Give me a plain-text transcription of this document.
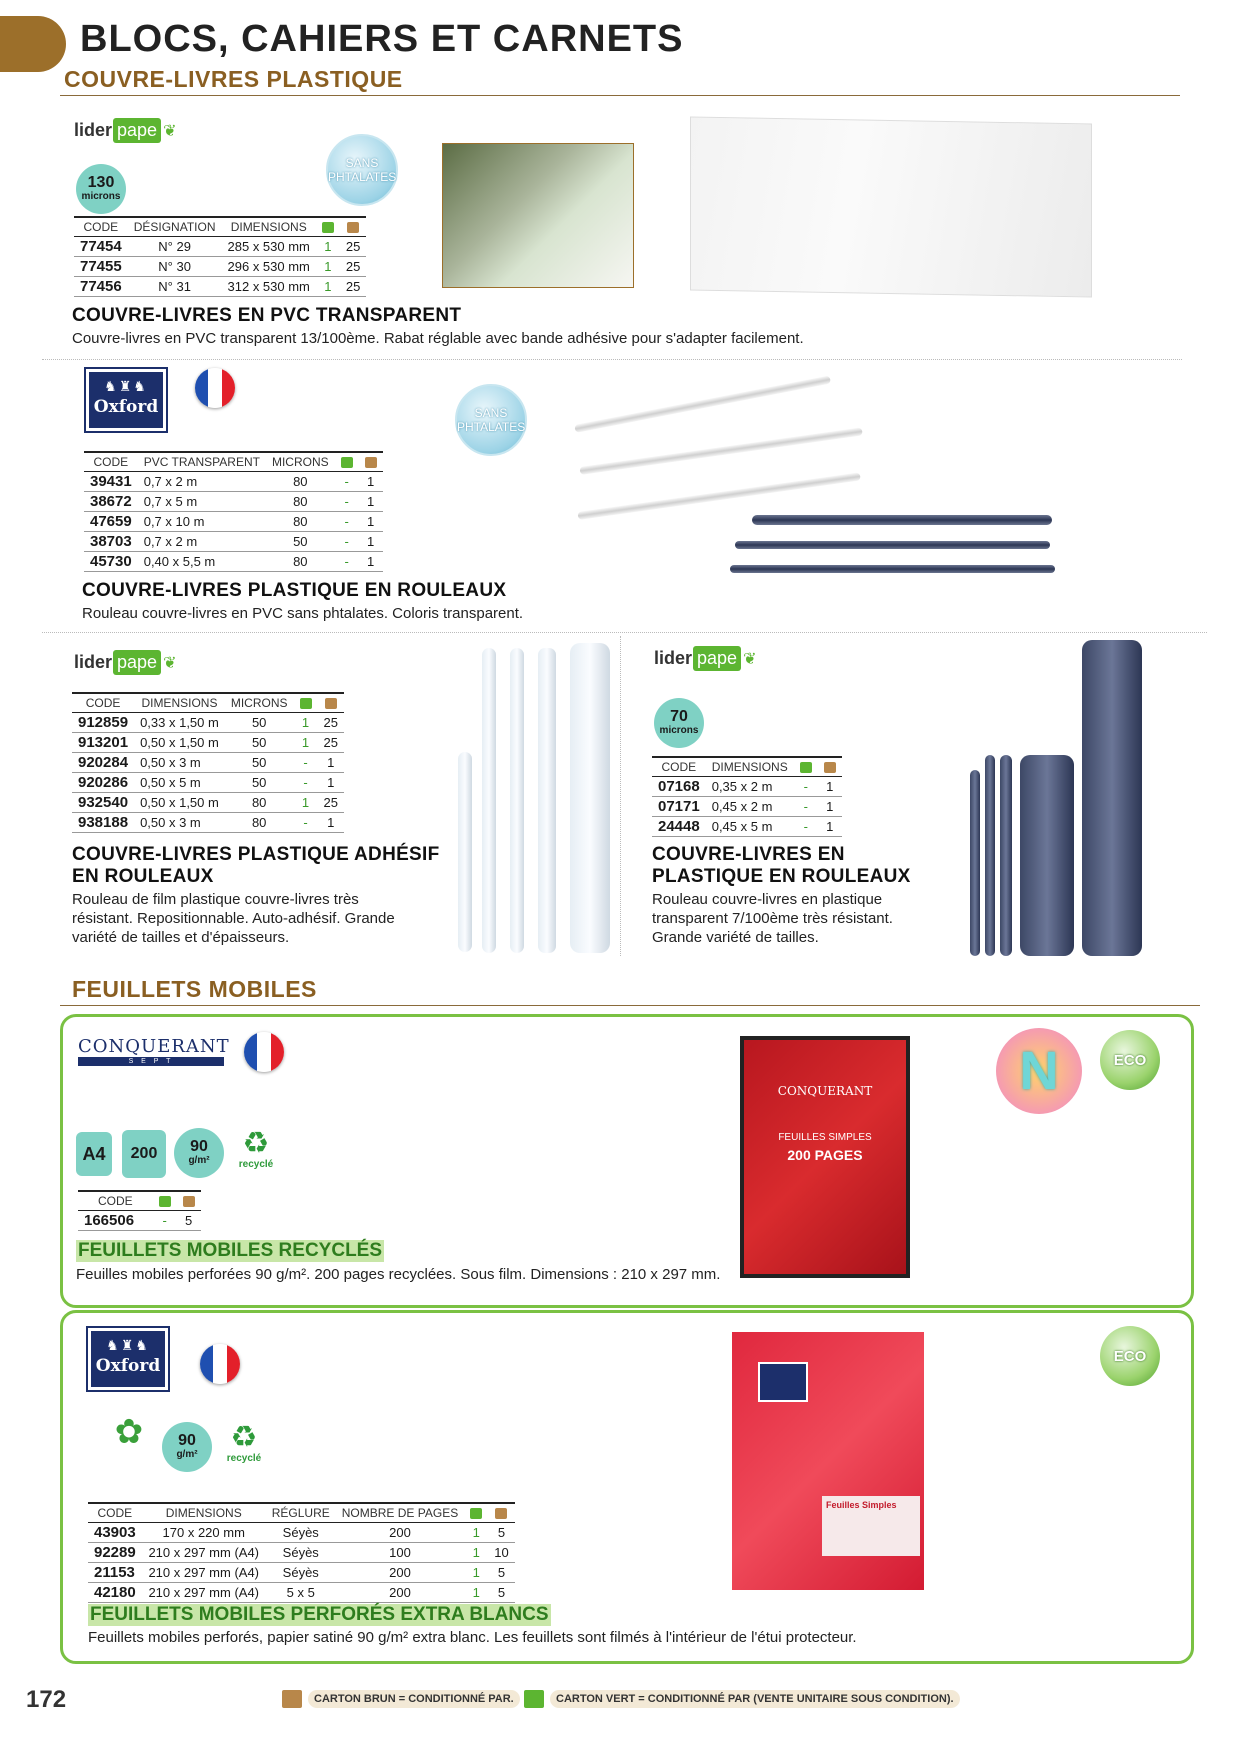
BLOCS, CAHIERS ET CARNETS
COUVRE-LIVRES PLASTIQUE
lider pape ❦
130
microns
SANS
PHTALATES
CODE	DÉSIGNATION	DIMENSIONS		
77454	N° 29	285 x 530 mm	1	25
77455	N° 30	296 x 530 mm	1	25
77456	N° 31	312 x 530 mm	1	25
COUVRE-LIVRES EN PVC TRANSPARENT
Couvre-livres en PVC transparent 13/100ème. Rabat réglable avec bande adhésive pour s'adapter facilement.
♞♜♞
Oxford	SANS
PHTALATES
CODE	PVC TRANSPARENT	MICRONS		
39431	0,7 x 2 m	80	-	1
38672	0,7 x 5 m	80	-	1
47659	0,7 x 10 m	80	-	1
38703	0,7 x 2 m	50	-	1
45730	0,40 x 5,5 m	80	-	1
COUVRE-LIVRES PLASTIQUE EN ROULEAUX
Rouleau couvre-livres en PVC sans phtalates. Coloris transparent.
lider pape ❦
CODE	DIMENSIONS	MICRONS		
912859	0,33 x 1,50 m	50	1	25
913201	0,50 x 1,50 m	50	1	25
920284	0,50 x 3 m	50	-	1
920286	0,50 x 5 m	50	-	1
932540	0,50 x 1,50 m	80	1	25
938188	0,50 x 3 m	80	-	1
COUVRE-LIVRES PLASTIQUE ADHÉSIF
EN ROULEAUX
Rouleau de film plastique couvre-livres très
résistant. Repositionnable. Auto-adhésif. Grande
variété de tailles et d'épaisseurs.
lider pape ❦
70
microns
CODE	DIMENSIONS		
07168	0,35 x 2 m	-	1
07171	0,45 x 2 m	-	1
24448	0,45 x 5 m	-	1
COUVRE-LIVRES EN
PLASTIQUE EN ROULEAUX
Rouleau couvre-livres en plastique
transparent 7/100ème très résistant.
Grande variété de tailles.
FEUILLETS MOBILES
CONQUERANT
S E P T
A4	200	90
g/m²
♻
recyclé
CODE		
166506	-	5
FEUILLETS MOBILES RECYCLÉS
Feuilles mobiles perforées 90 g/m². 200 pages recyclées. Sous film. Dimensions : 210 x 297 mm.
CONQUERANT
FEUILLES SIMPLES
200 PAGES
N	ECO
♞♜♞
Oxford
✿	90
g/m²
♻
recyclé
CODE	DIMENSIONS	RÉGLURE	NOMBRE DE PAGES		
43903	170 x 220 mm	Séyès	200	1	5
92289	210 x 297 mm (A4)	Séyès	100	1	10
21153	210 x 297 mm (A4)	Séyès	200	1	5
42180	210 x 297 mm (A4)	5 x 5	200	1	5
FEUILLETS MOBILES PERFORÉS EXTRA BLANCS
Feuillets mobiles perforés, papier satiné 90 g/m² extra blanc. Les feuillets sont filmés à l'intérieur de l'étui protecteur.
Feuilles Simples
ECO
172	CARTON BRUN = CONDITIONNÉ PAR.	CARTON VERT = CONDITIONNÉ PAR (VENTE UNITAIRE SOUS CONDITION).
